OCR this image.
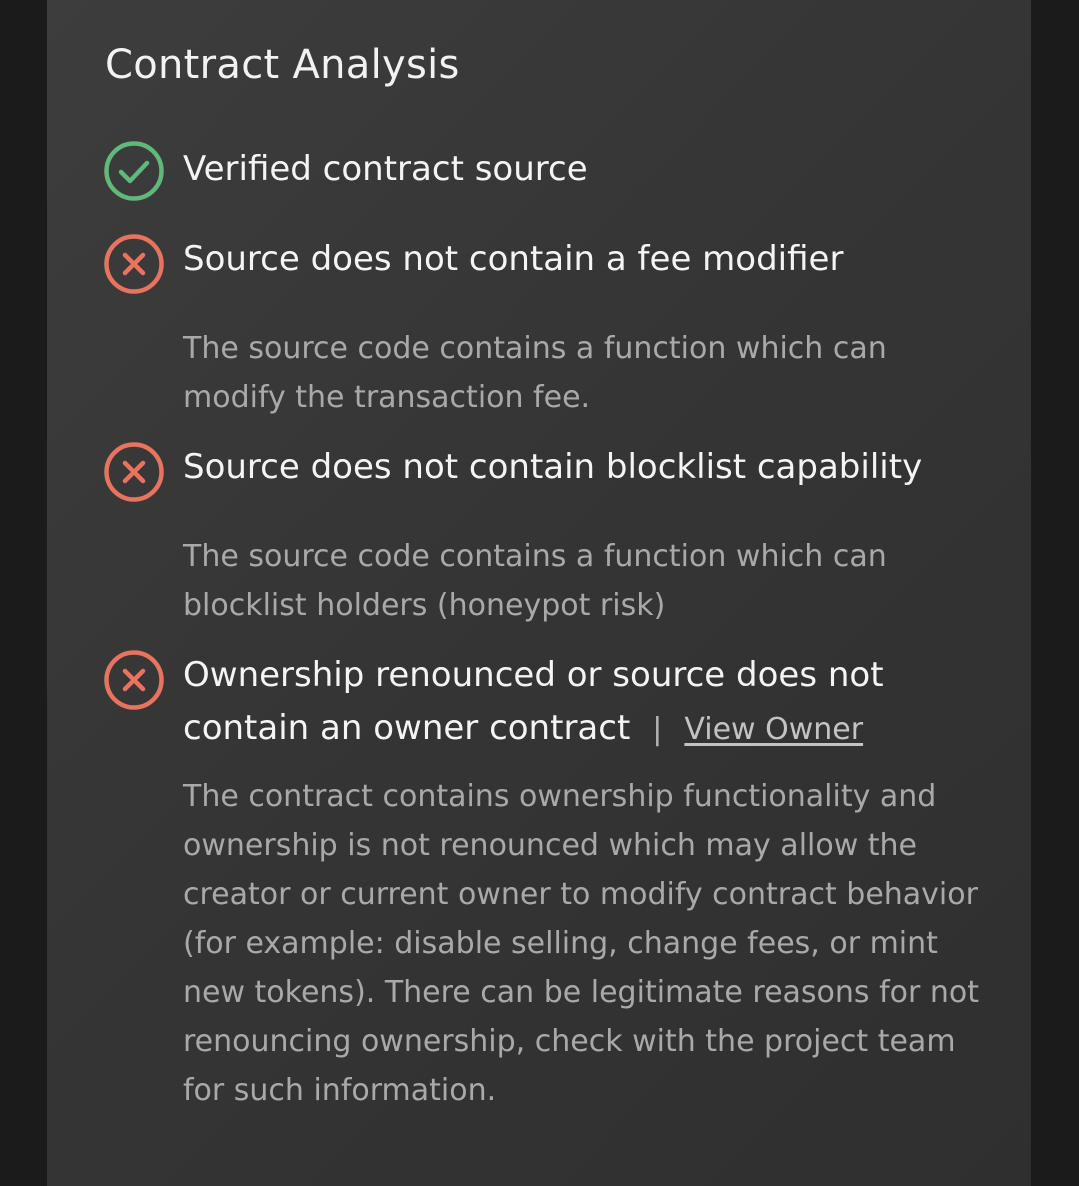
Contract Analysis
Verified contract source
Source does not contain a fee modifier
The source code contains a function which can modify the transaction fee.
Source does not contain blocklist capability
The source code contains a function which can blocklist holders (honeypot risk)
Ownership renounced or source does not contain an owner contract | View Owner
The contract contains ownership functionality and ownership is not renounced which may allow the creator or current owner to modify contract behavior (for example: disable selling, change fees, or mint new tokens). There can be legitimate reasons for not renouncing ownership, check with the project team for such information.
